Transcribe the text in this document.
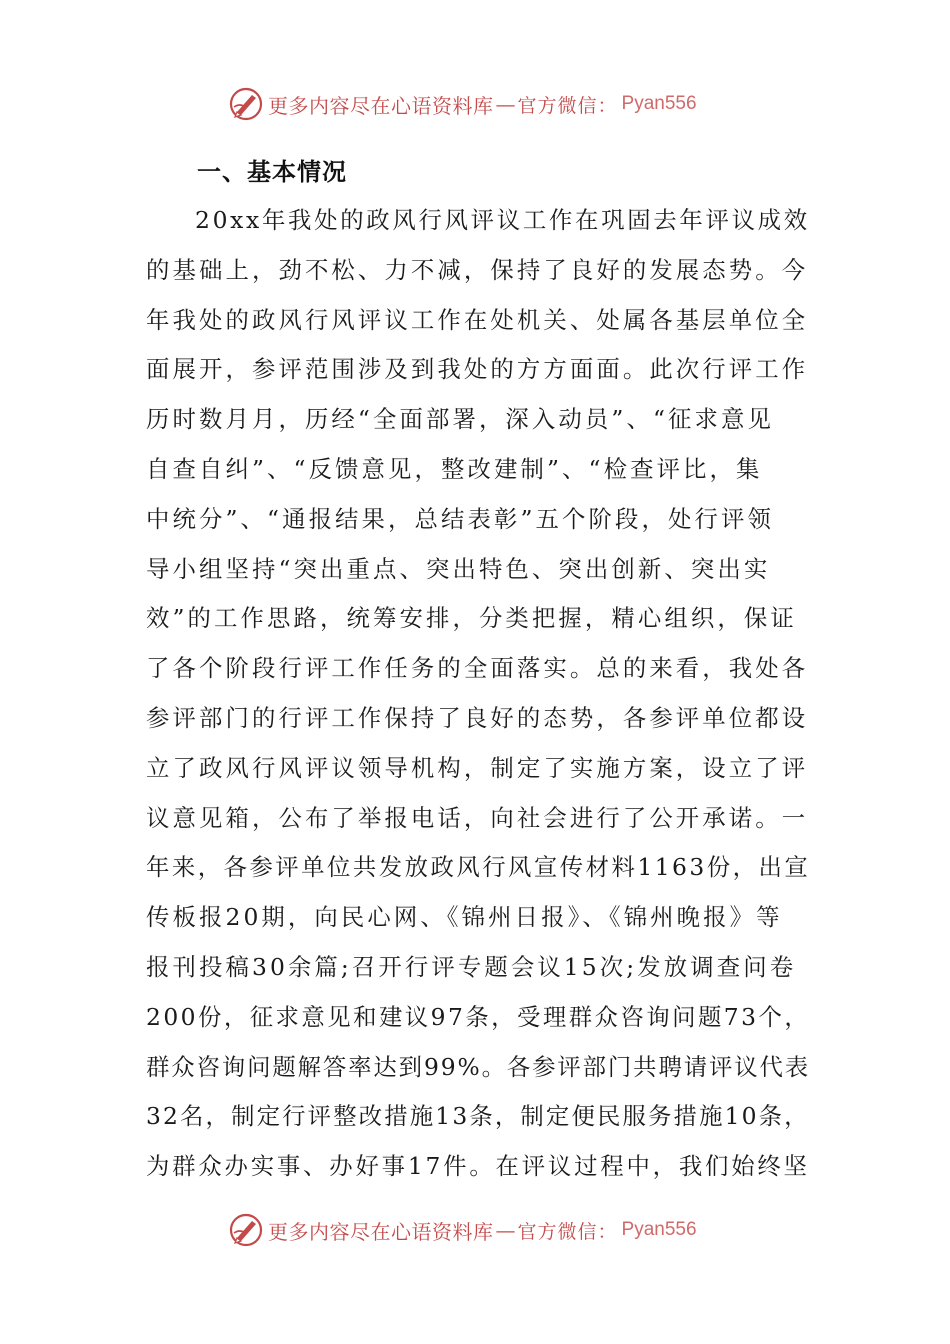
更多内容尽在心语资料库 — 官方微信： Pyan556
一、基本情况
20xx年我处的政风行风评议工作在巩固去年评议成效
的基础上，劲不松、力不减，保持了良好的发展态势。今
年我处的政风行风评议工作在处机关、处属各基层单位全
面展开，参评范围涉及到我处的方方面面。此次行评工作
历时数月月，历经“全面部署，深入动员”、“征求意见
自查自纠”、“反馈意见，整改建制”、“检查评比，集
中统分”、“通报结果，总结表彰”五个阶段，处行评领
导小组坚持“突出重点、突出特色、突出创新、突出实
效”的工作思路，统筹安排，分类把握，精心组织，保证
了各个阶段行评工作任务的全面落实。总的来看，我处各
参评部门的行评工作保持了良好的态势，各参评单位都设
立了政风行风评议领导机构，制定了实施方案，设立了评
议意见箱，公布了举报电话，向社会进行了公开承诺。一
年来，各参评单位共发放政风行风宣传材料1163份，出宣
传板报20期，向民心网、《锦州日报》、《锦州晚报》等
报刊投稿30余篇;召开行评专题会议15次;发放调查问卷
200份，征求意见和建议97条，受理群众咨询问题73个，
群众咨询问题解答率达到99%。各参评部门共聘请评议代表
32名，制定行评整改措施13条，制定便民服务措施10条，
为群众办实事、办好事17件。在评议过程中，我们始终坚
更多内容尽在心语资料库 — 官方微信： Pyan556
